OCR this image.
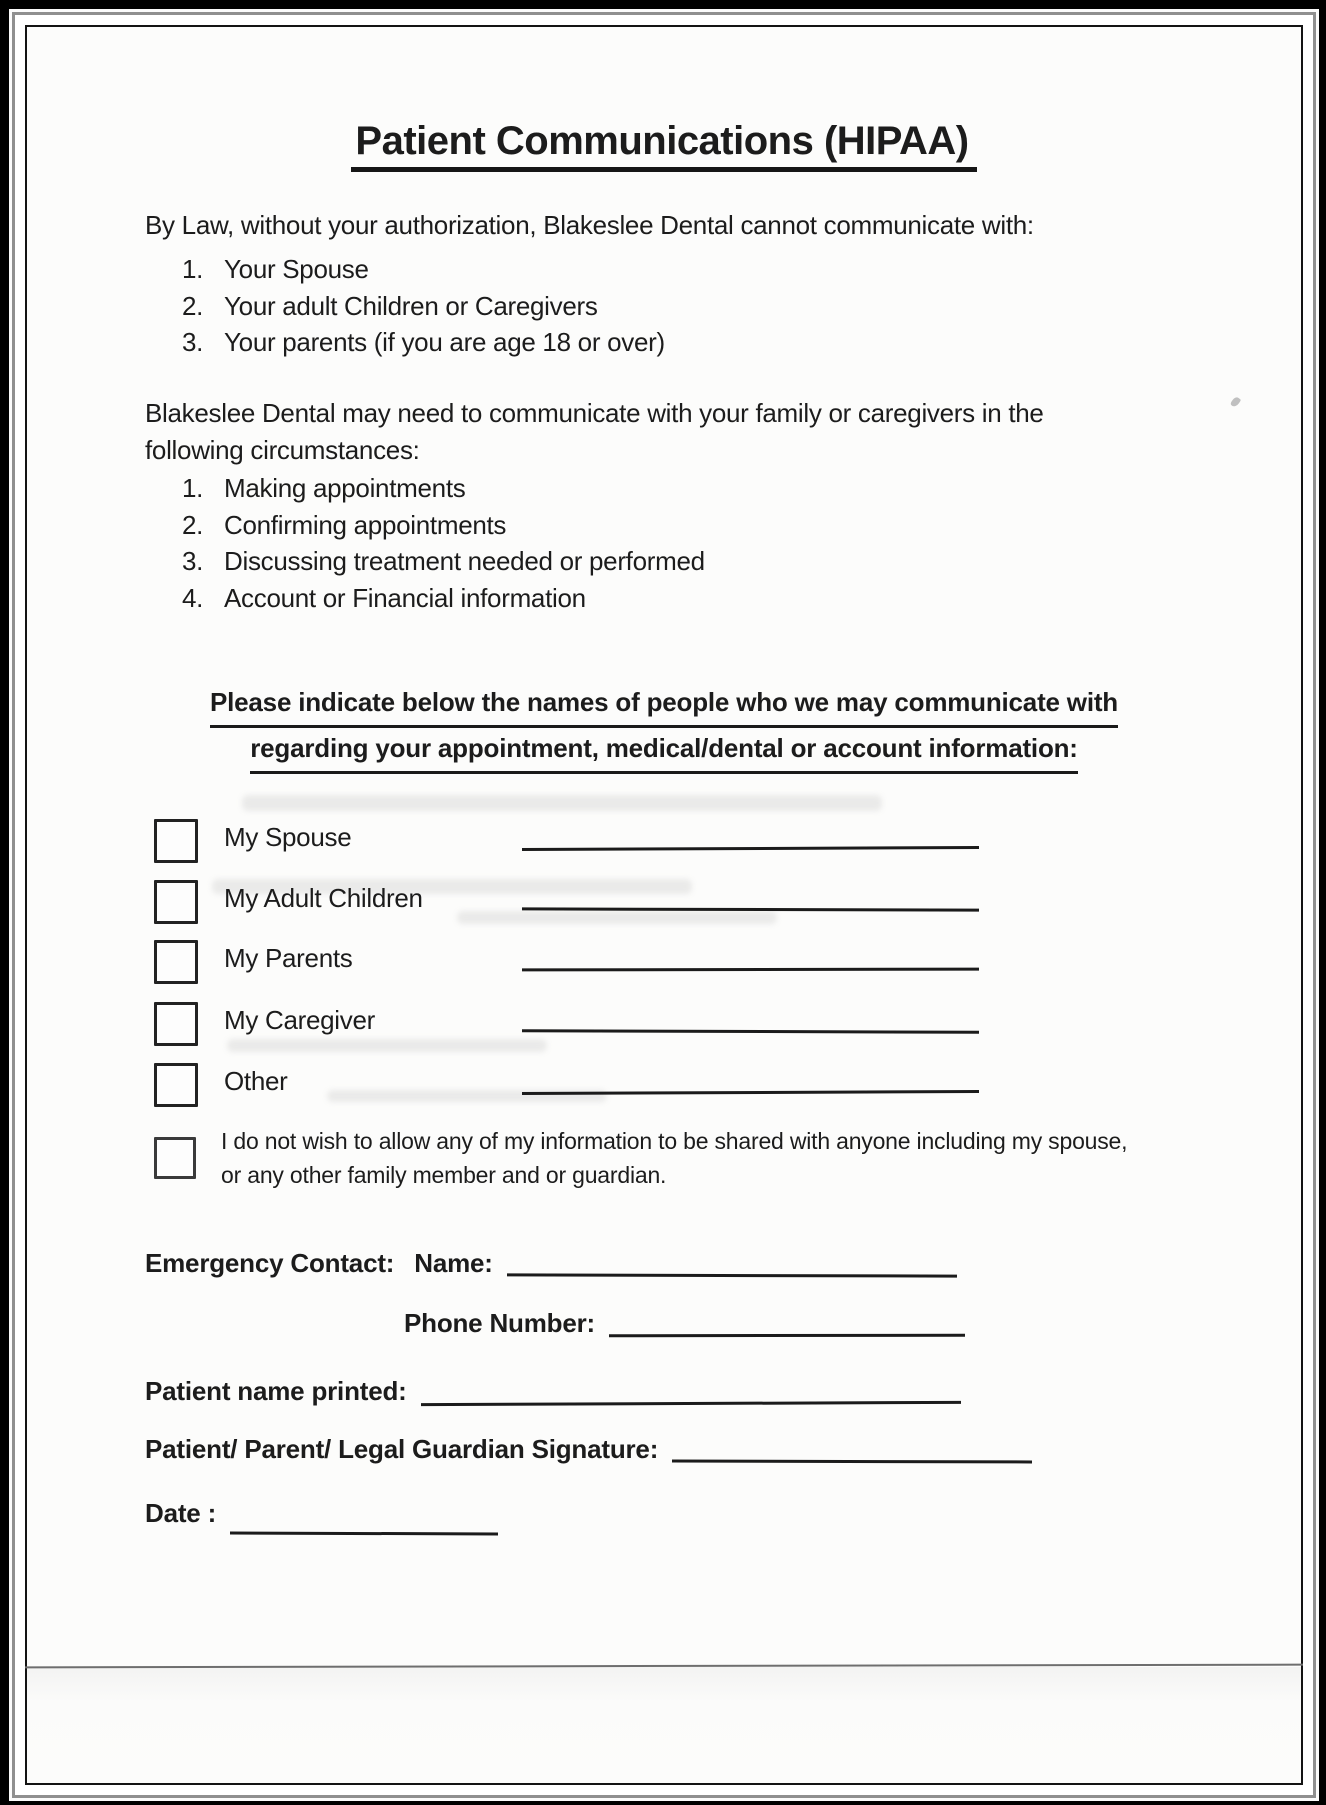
Patient Communications (HIPAA)
By Law, without your authorization, Blakeslee Dental cannot communicate with:
Your Spouse
Your adult Children or Caregivers
Your parents (if you are age 18 or over)
Blakeslee Dental may need to communicate with your family or caregivers in the
following circumstances:
Making appointments
Confirming appointments
Discussing treatment needed or performed
Account or Financial information
Please indicate below the names of people who we may communicate with
regarding your appointment, medical/dental or account information:
My Spouse
My Adult Children
My Parents
My Caregiver
Other
I do not wish to allow any of my information to be shared with anyone including my spouse,
or any other family member and or guardian.
Emergency Contact: Name:
Phone Number:
Patient name printed:
Patient/ Parent/ Legal Guardian Signature:
Date :
